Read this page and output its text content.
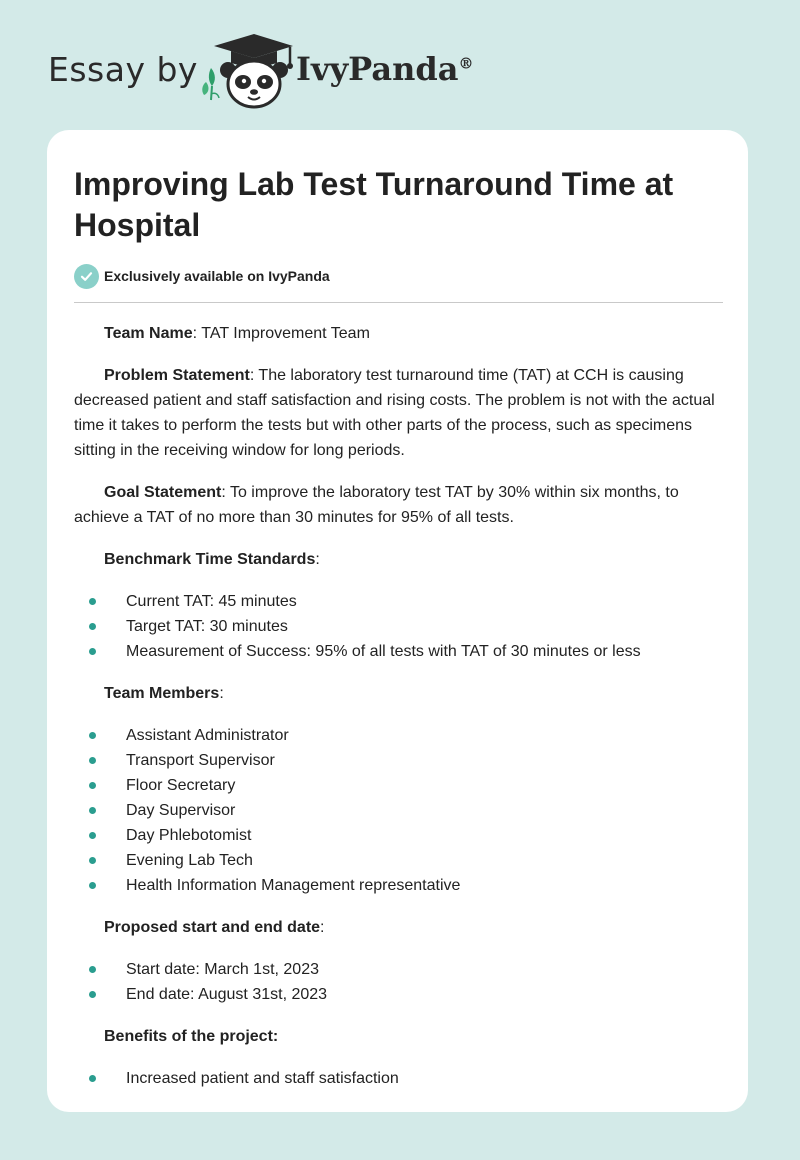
Essay by	IvyPanda®
Improving Lab Test Turnaround Time at Hospital
Exclusively available on IvyPanda

Team Name: TAT Improvement Team

Problem Statement: The laboratory test turnaround time (TAT) at CCH is causing decreased patient and staff satisfaction and rising costs. The problem is not with the actual time it takes to perform the tests but with other parts of the process, such as specimens sitting in the receiving window for long periods.

Goal Statement: To improve the laboratory test TAT by 30% within six months, to achieve a TAT of no more than 30 minutes for 95% of all tests.

Benchmark Time Standards:

Current TAT: 45 minutes
Target TAT: 30 minutes
Measurement of Success: 95% of all tests with TAT of 30 minutes or less

Team Members:

Assistant Administrator
Transport Supervisor
Floor Secretary
Day Supervisor
Day Phlebotomist
Evening Lab Tech
Health Information Management representative

Proposed start and end date:

Start date: March 1st, 2023
End date: August 31st, 2023

Benefits of the project:

Increased patient and staff satisfaction
